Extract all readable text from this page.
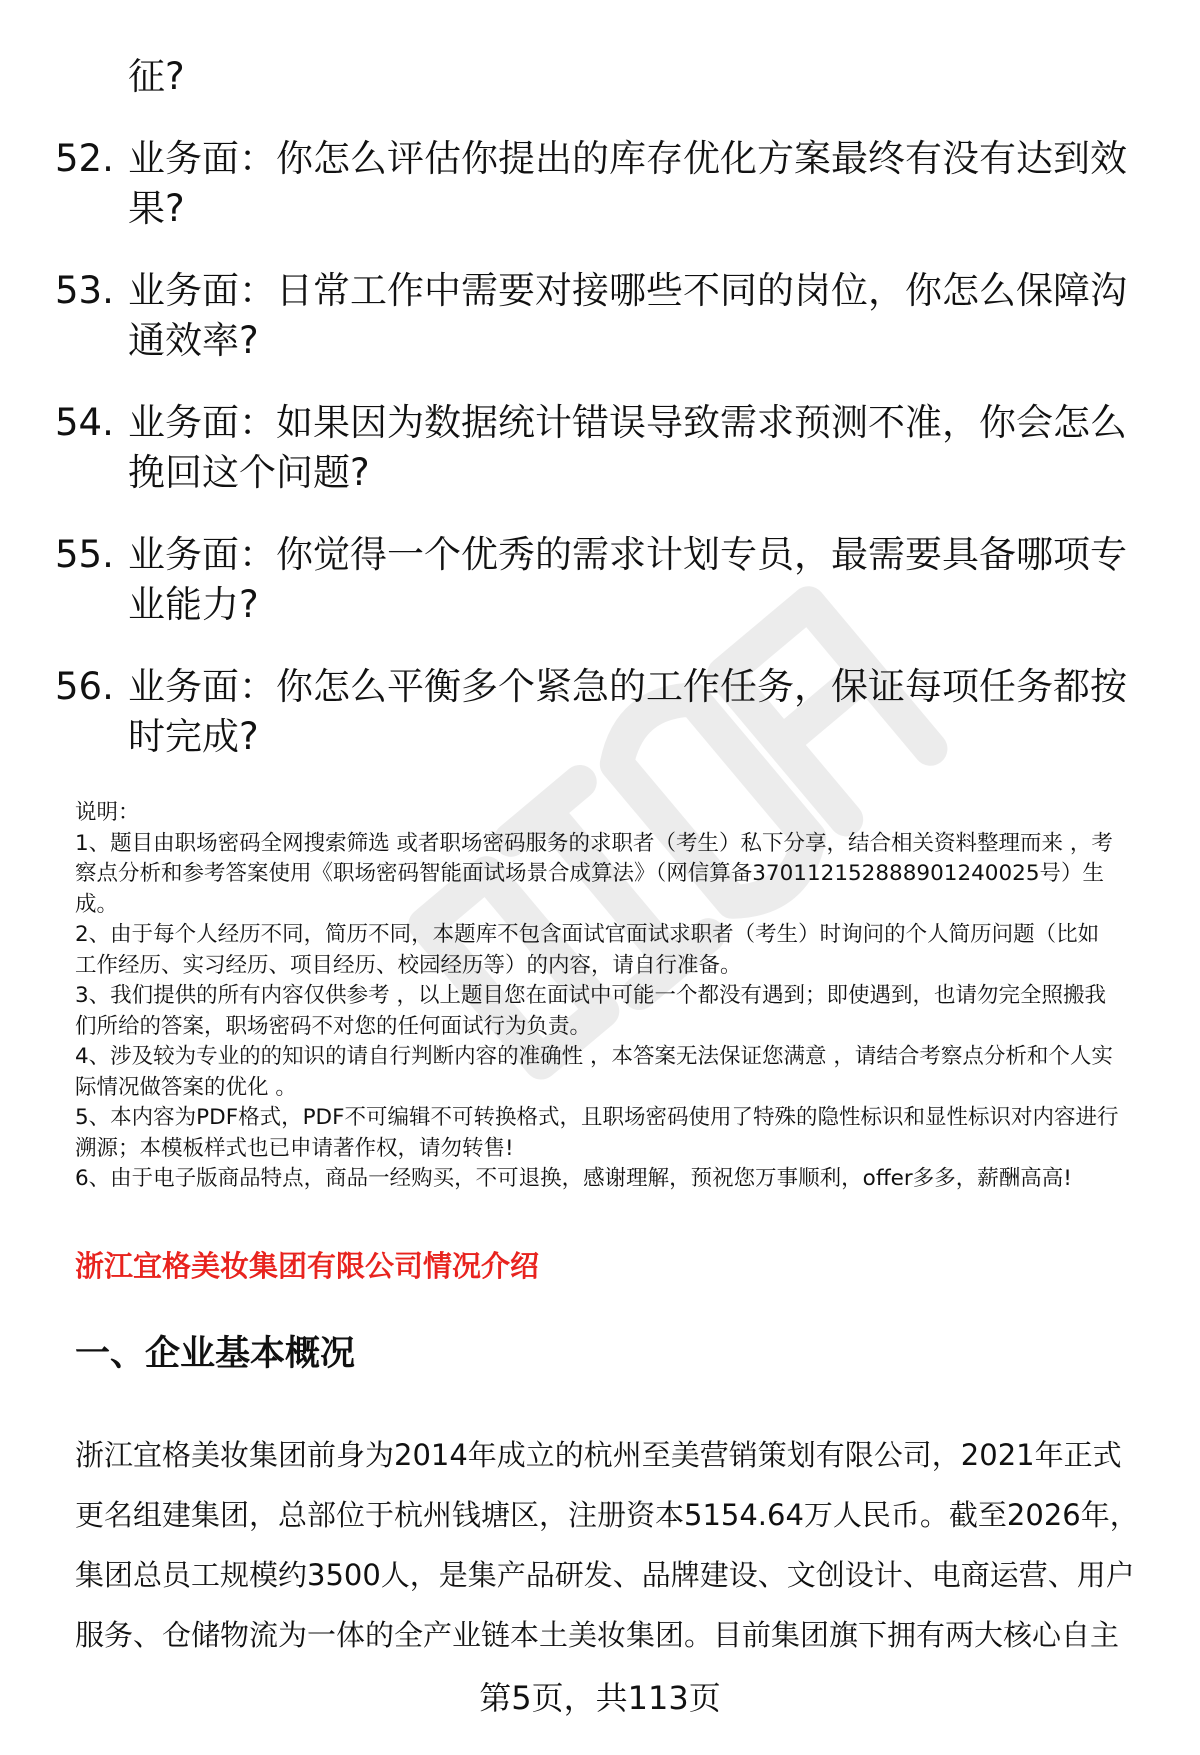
征?
52. 业务面：你怎么评估你提出的库存优化方案最终有没有达到效果?
53. 业务面：日常工作中需要对接哪些不同的岗位，你怎么保障沟通效率?
54. 业务面：如果因为数据统计错误导致需求预测不准，你会怎么挽回这个问题?
55. 业务面：你觉得一个优秀的需求计划专员，最需要具备哪项专业能力?
56. 业务面：你怎么平衡多个紧急的工作任务，保证每项任务都按时完成?
说明：
1、题目由职场密码全网搜索筛选 或者职场密码服务的求职者（考生）私下分享，结合相关资料整理而来 ，考
察点分析和参考答案使用《职场密码智能面试场景合成算法》（网信算备370112152888901240025号）生
成。
2、由于每个人经历不同，简历不同，本题库不包含面试官面试求职者（考生）时询问的个人简历问题（比如
工作经历、实习经历、项目经历、校园经历等）的内容，请自行准备。
3、我们提供的所有内容仅供参考 ，以上题目您在面试中可能一个都没有遇到；即使遇到，也请勿完全照搬我
们所给的答案，职场密码不对您的任何面试行为负责。
4、涉及较为专业的的知识的请自行判断内容的准确性 ，本答案无法保证您满意 ，请结合考察点分析和个人实
际情况做答案的优化 。
5、本内容为PDF格式，PDF不可编辑不可转换格式，且职场密码使用了特殊的隐性标识和显性标识对内容进行
溯源；本模板样式也已申请著作权，请勿转售!
6、由于电子版商品特点，商品一经购买，不可退换，感谢理解，预祝您万事顺利，offer多多，薪酬高高!
浙江宜格美妆集团有限公司情况介绍
一、企业基本概况
浙江宜格美妆集团前身为2014年成立的杭州至美营销策划有限公司，2021年正式
更名组建集团，总部位于杭州钱塘区，注册资本5154.64万人民币。截至2026年，
集团总员工规模约3500人，是集产品研发、品牌建设、文创设计、电商运营、用户
服务、仓储物流为一体的全产业链本土美妆集团。目前集团旗下拥有两大核心自主
第5页，共113页
